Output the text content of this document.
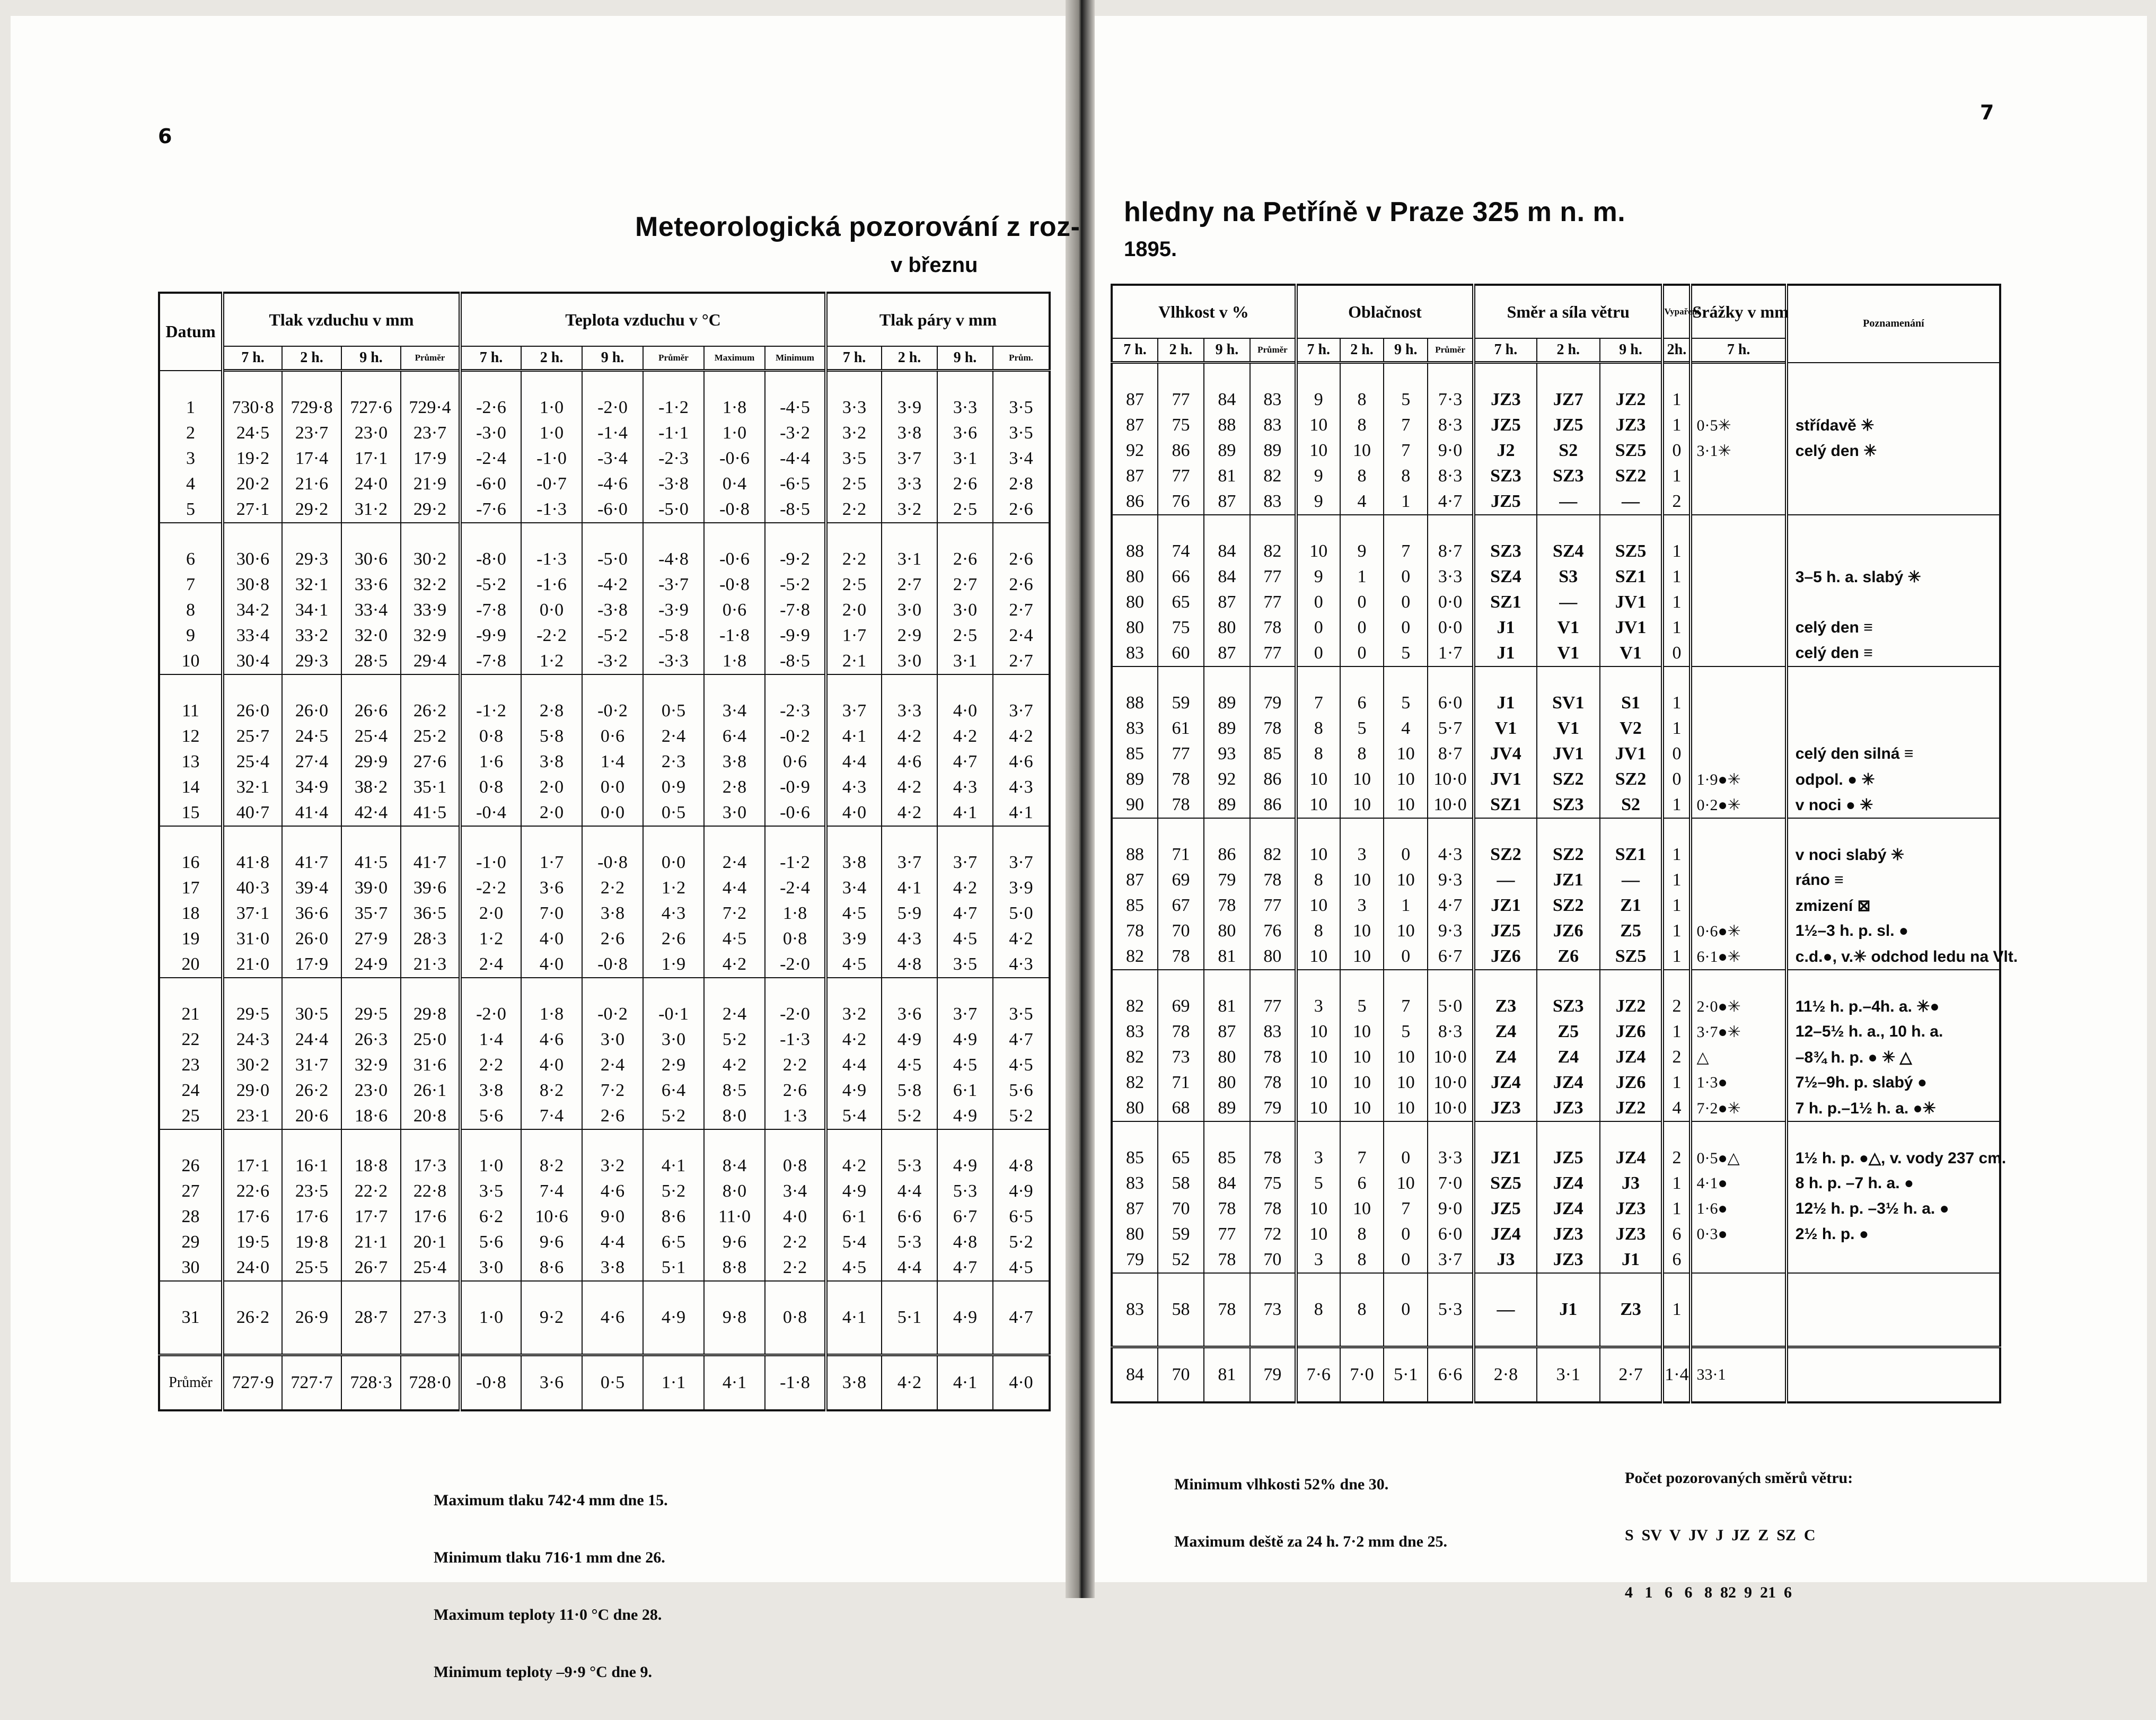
6
Meteorologická pozorování z roz-
v březnu
Datum	Tlak vzduchu v mm				Teplota vzduchu v °C						Tlak páry v mm			
	7 h.	2 h.	9 h.	Průměr	7 h.	2 h.	9 h.	Průměr	Maximum	Minimum	7 h.	2 h.	9 h.	Prům.

1	730·8	729·8	727·6	729·4	-2·6	1·0	-2·0	-1·2	1·8	-4·5	3·3	3·9	3·3	3·5
2	24·5	23·7	23·0	23·7	-3·0	1·0	-1·4	-1·1	1·0	-3·2	3·2	3·8	3·6	3·5
3	19·2	17·4	17·1	17·9	-2·4	-1·0	-3·4	-2·3	-0·6	-4·4	3·5	3·7	3·1	3·4
4	20·2	21·6	24·0	21·9	-6·0	-0·7	-4·6	-3·8	0·4	-6·5	2·5	3·3	2·6	2·8
5	27·1	29·2	31·2	29·2	-7·6	-1·3	-6·0	-5·0	-0·8	-8·5	2·2	3·2	2·5	2·6

6	30·6	29·3	30·6	30·2	-8·0	-1·3	-5·0	-4·8	-0·6	-9·2	2·2	3·1	2·6	2·6
7	30·8	32·1	33·6	32·2	-5·2	-1·6	-4·2	-3·7	-0·8	-5·2	2·5	2·7	2·7	2·6
8	34·2	34·1	33·4	33·9	-7·8	0·0	-3·8	-3·9	0·6	-7·8	2·0	3·0	3·0	2·7
9	33·4	33·2	32·0	32·9	-9·9	-2·2	-5·2	-5·8	-1·8	-9·9	1·7	2·9	2·5	2·4
10	30·4	29·3	28·5	29·4	-7·8	1·2	-3·2	-3·3	1·8	-8·5	2·1	3·0	3·1	2·7

11	26·0	26·0	26·6	26·2	-1·2	2·8	-0·2	0·5	3·4	-2·3	3·7	3·3	4·0	3·7
12	25·7	24·5	25·4	25·2	0·8	5·8	0·6	2·4	6·4	-0·2	4·1	4·2	4·2	4·2
13	25·4	27·4	29·9	27·6	1·6	3·8	1·4	2·3	3·8	0·6	4·4	4·6	4·7	4·6
14	32·1	34·9	38·2	35·1	0·8	2·0	0·0	0·9	2·8	-0·9	4·3	4·2	4·3	4·3
15	40·7	41·4	42·4	41·5	-0·4	2·0	0·0	0·5	3·0	-0·6	4·0	4·2	4·1	4·1

16	41·8	41·7	41·5	41·7	-1·0	1·7	-0·8	0·0	2·4	-1·2	3·8	3·7	3·7	3·7
17	40·3	39·4	39·0	39·6	-2·2	3·6	2·2	1·2	4·4	-2·4	3·4	4·1	4·2	3·9
18	37·1	36·6	35·7	36·5	2·0	7·0	3·8	4·3	7·2	1·8	4·5	5·9	4·7	5·0
19	31·0	26·0	27·9	28·3	1·2	4·0	2·6	2·6	4·5	0·8	3·9	4·3	4·5	4·2
20	21·0	17·9	24·9	21·3	2·4	4·0	-0·8	1·9	4·2	-2·0	4·5	4·8	3·5	4·3

21	29·5	30·5	29·5	29·8	-2·0	1·8	-0·2	-0·1	2·4	-2·0	3·2	3·6	3·7	3·5
22	24·3	24·4	26·3	25·0	1·4	4·6	3·0	3·0	5·2	-1·3	4·2	4·9	4·9	4·7
23	30·2	31·7	32·9	31·6	2·2	4·0	2·4	2·9	4·2	2·2	4·4	4·5	4·5	4·5
24	29·0	26·2	23·0	26·1	3·8	8·2	7·2	6·4	8·5	2·6	4·9	5·8	6·1	5·6
25	23·1	20·6	18·6	20·8	5·6	7·4	2·6	5·2	8·0	1·3	5·4	5·2	4·9	5·2

26	17·1	16·1	18·8	17·3	1·0	8·2	3·2	4·1	8·4	0·8	4·2	5·3	4·9	4·8
27	22·6	23·5	22·2	22·8	3·5	7·4	4·6	5·2	8·0	3·4	4·9	4·4	5·3	4·9
28	17·6	17·6	17·7	17·6	6·2	10·6	9·0	8·6	11·0	4·0	6·1	6·6	6·7	6·5
29	19·5	19·8	21·1	20·1	5·6	9·6	4·4	6·5	9·6	2·2	5·4	5·3	4·8	5·2
30	24·0	25·5	26·7	25·4	3·0	8·6	3·8	5·1	8·8	2·2	4·5	4·4	4·7	4·5

31	26·2	26·9	28·7	27·3	1·0	9·2	4·6	4·9	9·8	0·8	4·1	5·1	4·9	4·7

Průměr	727·9	727·7	728·3	728·0	-0·8	3·6	0·5	1·1	4·1	-1·8	3·8	4·2	4·1	4·0

Maximum tlaku 742·4 mm dne 15.

Minimum tlaku 716·1 mm dne 26.

Maximum teploty 11·0 °C dne 28.

Minimum teploty –9·9 °C dne 9.

7
hledny na Petříně v Praze 325 m n. m.
1895.
Vlhkost v %				Oblačnost				Směr a síla větru			Vypaření	Srážky v mm	Poznamenání
7 h.	2 h.	9 h.	Průměr	7 h.	2 h.	9 h.	Průměr	7 h.	2 h.	9 h.	2h.	7 h.	

87	77	84	83	9	8	5	7·3	JZ3	JZ7	JZ2	1		
87	75	88	83	10	8	7	8·3	JZ5	JZ5	JZ3	1	0·5✳	střídavě ✳
92	86	89	89	10	10	7	9·0	J2	S2	SZ5	0	3·1✳	celý den ✳
87	77	81	82	9	8	8	8·3	SZ3	SZ3	SZ2	1		
86	76	87	83	9	4	1	4·7	JZ5	—	—	2		

88	74	84	82	10	9	7	8·7	SZ3	SZ4	SZ5	1		
80	66	84	77	9	1	0	3·3	SZ4	S3	SZ1	1		3–5 h. a. slabý ✳
80	65	87	77	0	0	0	0·0	SZ1	—	JV1	1		
80	75	80	78	0	0	0	0·0	J1	V1	JV1	1		celý den ≡
83	60	87	77	0	0	5	1·7	J1	V1	V1	0		celý den ≡

88	59	89	79	7	6	5	6·0	J1	SV1	S1	1		
83	61	89	78	8	5	4	5·7	V1	V1	V2	1		
85	77	93	85	8	8	10	8·7	JV4	JV1	JV1	0		celý den silná ≡
89	78	92	86	10	10	10	10·0	JV1	SZ2	SZ2	0	1·9●✳	odpol. ● ✳
90	78	89	86	10	10	10	10·0	SZ1	SZ3	S2	1	0·2●✳	v noci ● ✳

88	71	86	82	10	3	0	4·3	SZ2	SZ2	SZ1	1		v noci slabý ✳
87	69	79	78	8	10	10	9·3	—	JZ1	—	1		ráno ≡
85	67	78	77	10	3	1	4·7	JZ1	SZ2	Z1	1		zmizení ⊠
78	70	80	76	8	10	10	9·3	JZ5	JZ6	Z5	1	0·6●✳	1½–3 h. p. sl. ●
82	78	81	80	10	10	0	6·7	JZ6	Z6	SZ5	1	6·1●✳	c.d.●, v.✳ odchod ledu na Vlt.

82	69	81	77	3	5	7	5·0	Z3	SZ3	JZ2	2	2·0●✳	11½ h. p.–4h. a. ✳●
83	78	87	83	10	10	5	8·3	Z4	Z5	JZ6	1	3·7●✳	12–5½ h. a., 10 h. a.
82	73	80	78	10	10	10	10·0	Z4	Z4	JZ4	2	△	–8¾ h. p. ● ✳ △
82	71	80	78	10	10	10	10·0	JZ4	JZ4	JZ6	1	1·3●	7½–9h. p. slabý ●
80	68	89	79	10	10	10	10·0	JZ3	JZ3	JZ2	4	7·2●✳	7 h. p.–1½ h. a. ●✳

85	65	85	78	3	7	0	3·3	JZ1	JZ5	JZ4	2	0·5●△	1½ h. p. ●△, v. vody 237 cm.
83	58	84	75	5	6	10	7·0	SZ5	JZ4	J3	1	4·1●	8 h. p. –7 h. a. ●
87	70	78	78	10	10	7	9·0	JZ5	JZ4	JZ3	1	1·6●	12½ h. p. –3½ h. a. ●
80	59	77	72	10	8	0	6·0	JZ4	JZ3	JZ3	6	0·3●	2½ h. p. ●
79	52	78	70	3	8	0	3·7	J3	JZ3	J1	6		

83	58	78	73	8	8	0	5·3	—	J1	Z3	1		

84	70	81	79	7·6	7·0	5·1	6·6	2·8	3·1	2·7	1·4	33·1	

Minimum vlhkosti 52% dne 30.

Maximum deště za 24 h. 7·2 mm dne 25.

Počet pozorovaných směrů větru:

S  SV  V  JV  J  JZ  Z  SZ  C

4   1   6   6   8  82  9  21  6
